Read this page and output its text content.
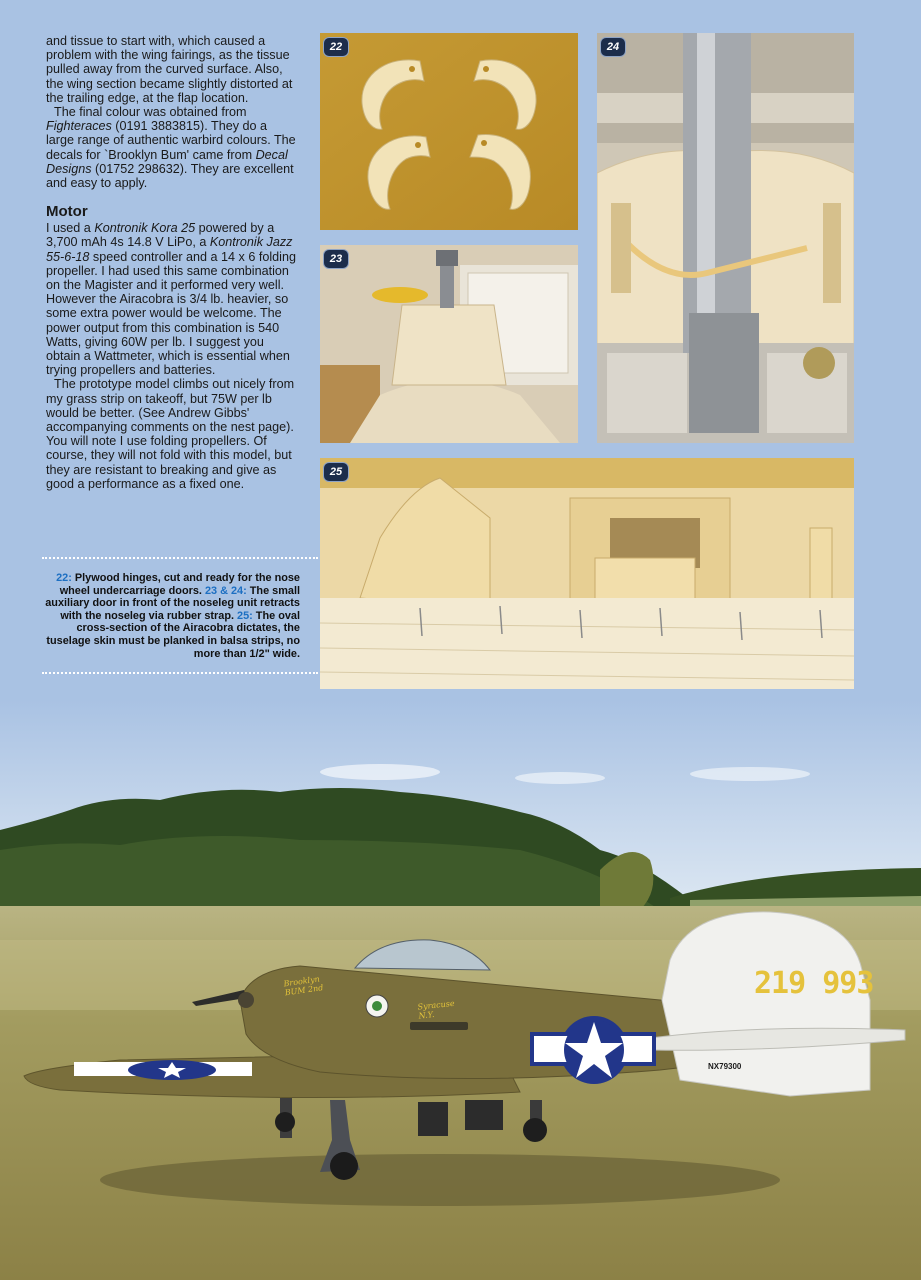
and tissue to start with, which caused a problem with the wing fairings, as the tissue pulled away from the curved surface. Also, the wing section became slightly distorted at the trailing edge, at the flap location.

The final colour was obtained from Fighteraces (0191 3883815). They do a large range of authentic warbird colours. The decals for `Brooklyn Bum' came from Decal Designs (01752 298632). They are excellent and easy to apply.

Motor

I used a Kontronik Kora 25 powered by a 3,700 mAh 4s 14.8 V LiPo, a Kontronik Jazz 55-6-18 speed controller and a 14 x 6 folding propeller. I had used this same combination on the Magister and it performed very well. However the Airacobra is 3/4 lb. heavier, so some extra power would be welcome. The power output from this combination is 540 Watts, giving 60W per lb. I suggest you obtain a Wattmeter, which is essential when trying propellers and batteries.

The prototype model climbs out nicely from my grass strip on takeoff, but 75W per lb would be better. (See Andrew Gibbs' accompanying comments on the nest page). You will note I use folding propellers. Of course, they will not fold with this model, but they are resistant to breaking and give as good a performance as a fixed one.

22: Plywood hinges, cut and ready for the nose wheel undercarriage doors. 23 & 24: The small auxiliary door in front of the noseleg unit retracts with the noseleg via rubber strap. 25: The oval cross-section of the Airacobra dictates, the tuselage skin must be planked in balsa strips, no more than 1/2" wide.
22
23
24
25
219 993
NX79300
Brooklyn BUM 2nd
Syracuse N.Y.
